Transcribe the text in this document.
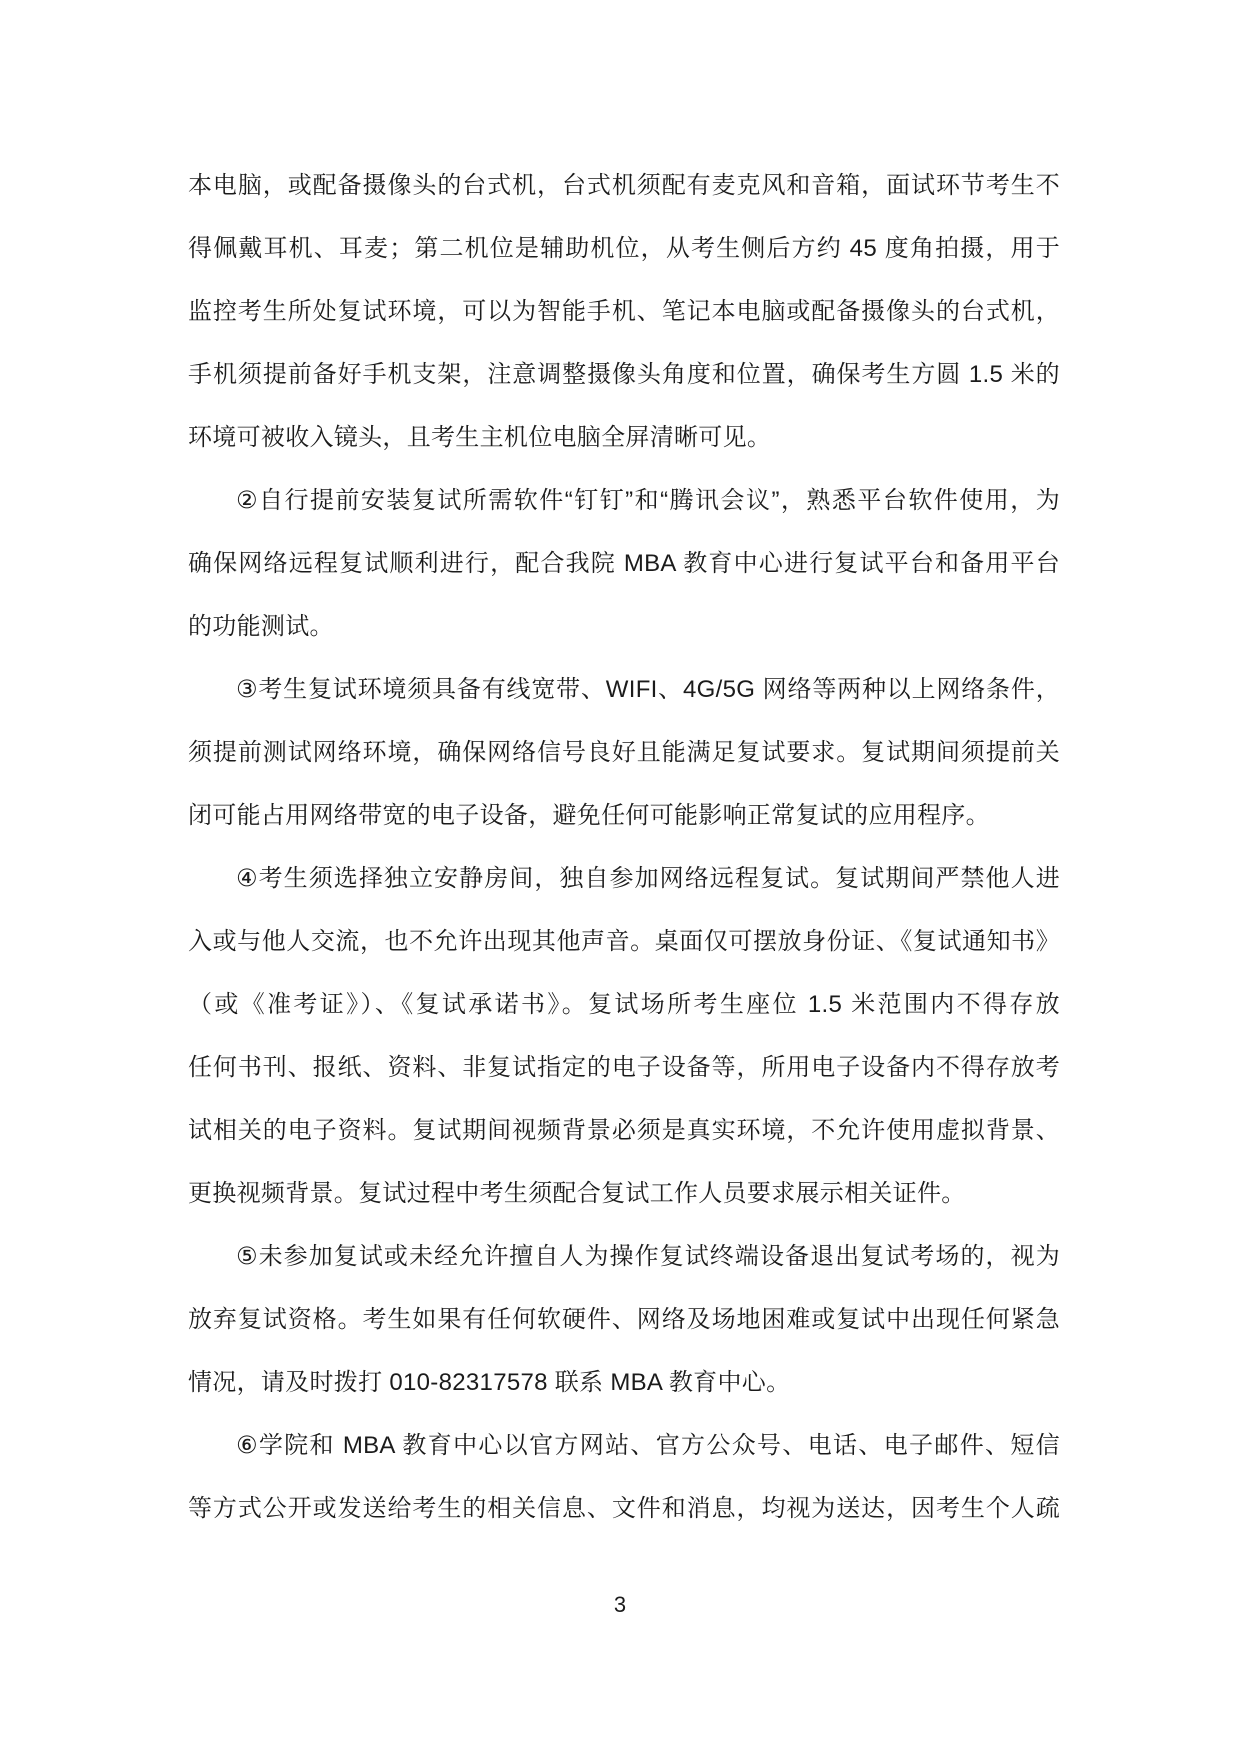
本电脑，或配备摄像头的台式机，台式机须配有麦克风和音箱，面试环节考生不
得佩戴耳机、耳麦；第二机位是辅助机位，从考生侧后方约 45 度角拍摄，用于
监控考生所处复试环境，可以为智能手机、笔记本电脑或配备摄像头的台式机，
手机须提前备好手机支架，注意调整摄像头角度和位置，确保考生方圆 1.5 米的
环境可被收入镜头，且考生主机位电脑全屏清晰可见。
②自行提前安装复试所需软件“钉钉”和“腾讯会议”，熟悉平台软件使用，为
确保网络远程复试顺利进行，配合我院 MBA 教育中心进行复试平台和备用平台
的功能测试。
③考生复试环境须具备有线宽带、WIFI、4G/5G 网络等两种以上网络条件，
须提前测试网络环境，确保网络信号良好且能满足复试要求。复试期间须提前关
闭可能占用网络带宽的电子设备，避免任何可能影响正常复试的应用程序。
④考生须选择独立安静房间，独自参加网络远程复试。复试期间严禁他人进
入或与他人交流，也不允许出现其他声音。桌面仅可摆放身份证、《复试通知书》
（或《准考证》）、《复试承诺书》。复试场所考生座位 1.5 米范围内不得存放
任何书刊、报纸、资料、非复试指定的电子设备等，所用电子设备内不得存放考
试相关的电子资料。复试期间视频背景必须是真实环境，不允许使用虚拟背景、
更换视频背景。复试过程中考生须配合复试工作人员要求展示相关证件。
⑤未参加复试或未经允许擅自人为操作复试终端设备退出复试考场的，视为
放弃复试资格。考生如果有任何软硬件、网络及场地困难或复试中出现任何紧急
情况，请及时拨打 010-82317578 联系 MBA 教育中心。
⑥学院和 MBA 教育中心以官方网站、官方公众号、电话、电子邮件、短信
等方式公开或发送给考生的相关信息、文件和消息，均视为送达，因考生个人疏
3
